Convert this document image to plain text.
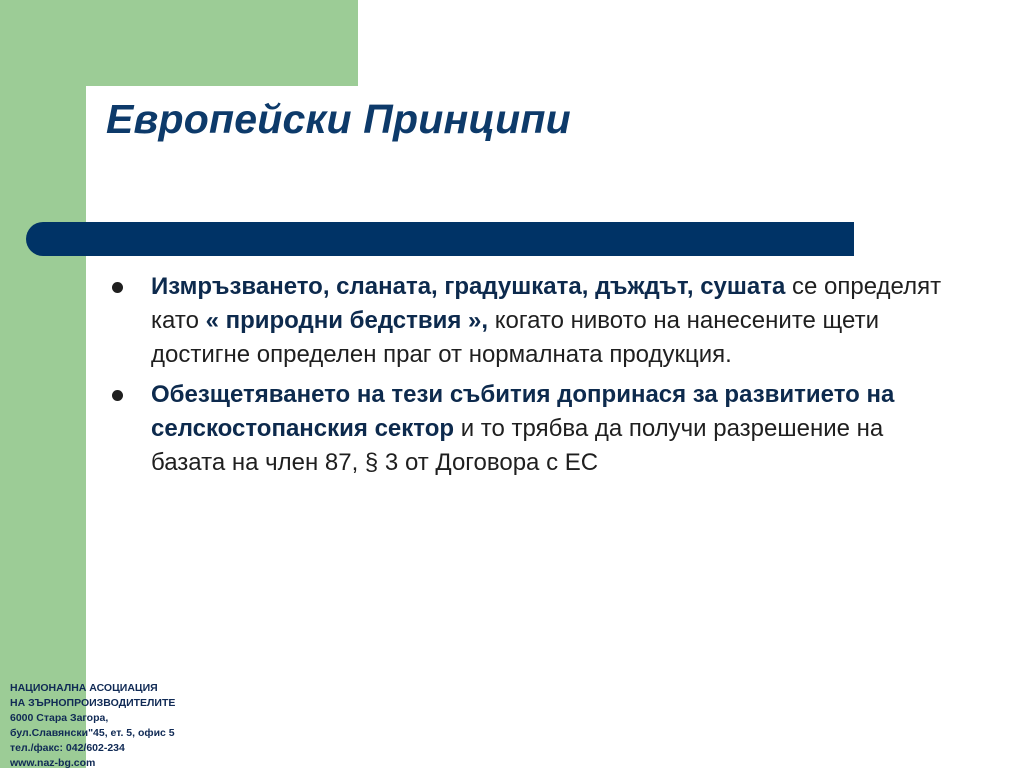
Европейски Принципи
Измръзването, сланата, градушката, дъждът, сушата се определят като « природни бедствия », когато нивото на нанесените щети достигне определен праг от нормалната продукция.
Обезщетяването на тези събития допринася за развитието на селскостопанския сектор и то трябва да получи разрешение на базата на член 87, § 3 от Договора с ЕС
НАЦИОНАЛНА АСОЦИАЦИЯ
НА ЗЪРНОПРОИЗВОДИТЕЛИТЕ
6000 Стара Загора,
бул.Славянски"45, ет. 5, офис 5
тел./факс: 042/602-234
www.naz-bg.com
